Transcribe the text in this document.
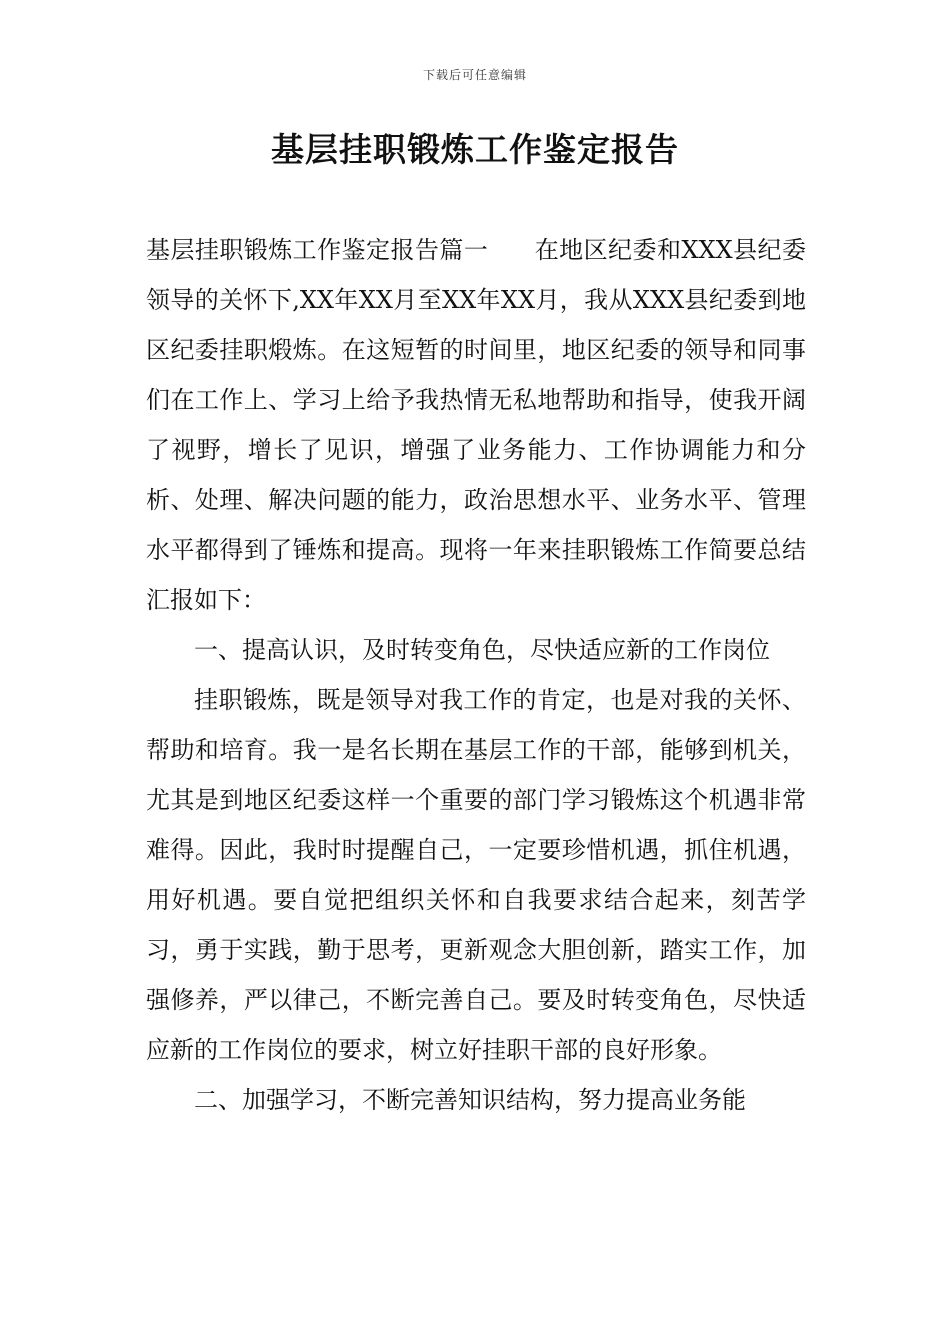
下载后可任意编辑
基层挂职锻炼工作鉴定报告

基层挂职锻炼工作鉴定报告篇一 在地区纪委和XXX县纪委领导的关怀下,XX年XX月至XX年XX月，我从XXX县纪委到地区纪委挂职煅炼。在这短暂的时间里，地区纪委的领导和同事们在工作上、学习上给予我热情无私地帮助和指导，使我开阔了视野，增长了见识，增强了业务能力、工作协调能力和分析、处理、解决问题的能力，政治思想水平、业务水平、管理水平都得到了锤炼和提高。现将一年来挂职锻炼工作简要总结汇报如下：

一、提高认识，及时转变角色，尽快适应新的工作岗位

挂职锻炼，既是领导对我工作的肯定，也是对我的关怀、帮助和培育。我一是名长期在基层工作的干部，能够到机关，尤其是到地区纪委这样一个重要的部门学习锻炼这个机遇非常难得。因此，我时时提醒自己，一定要珍惜机遇，抓住机遇，用好机遇。要自觉把组织关怀和自我要求结合起来，刻苦学习，勇于实践，勤于思考，更新观念大胆创新，踏实工作，加强修养，严以律己，不断完善自己。要及时转变角色，尽快适应新的工作岗位的要求，树立好挂职干部的良好形象。

二、加强学习，不断完善知识结构，努力提高业务能
